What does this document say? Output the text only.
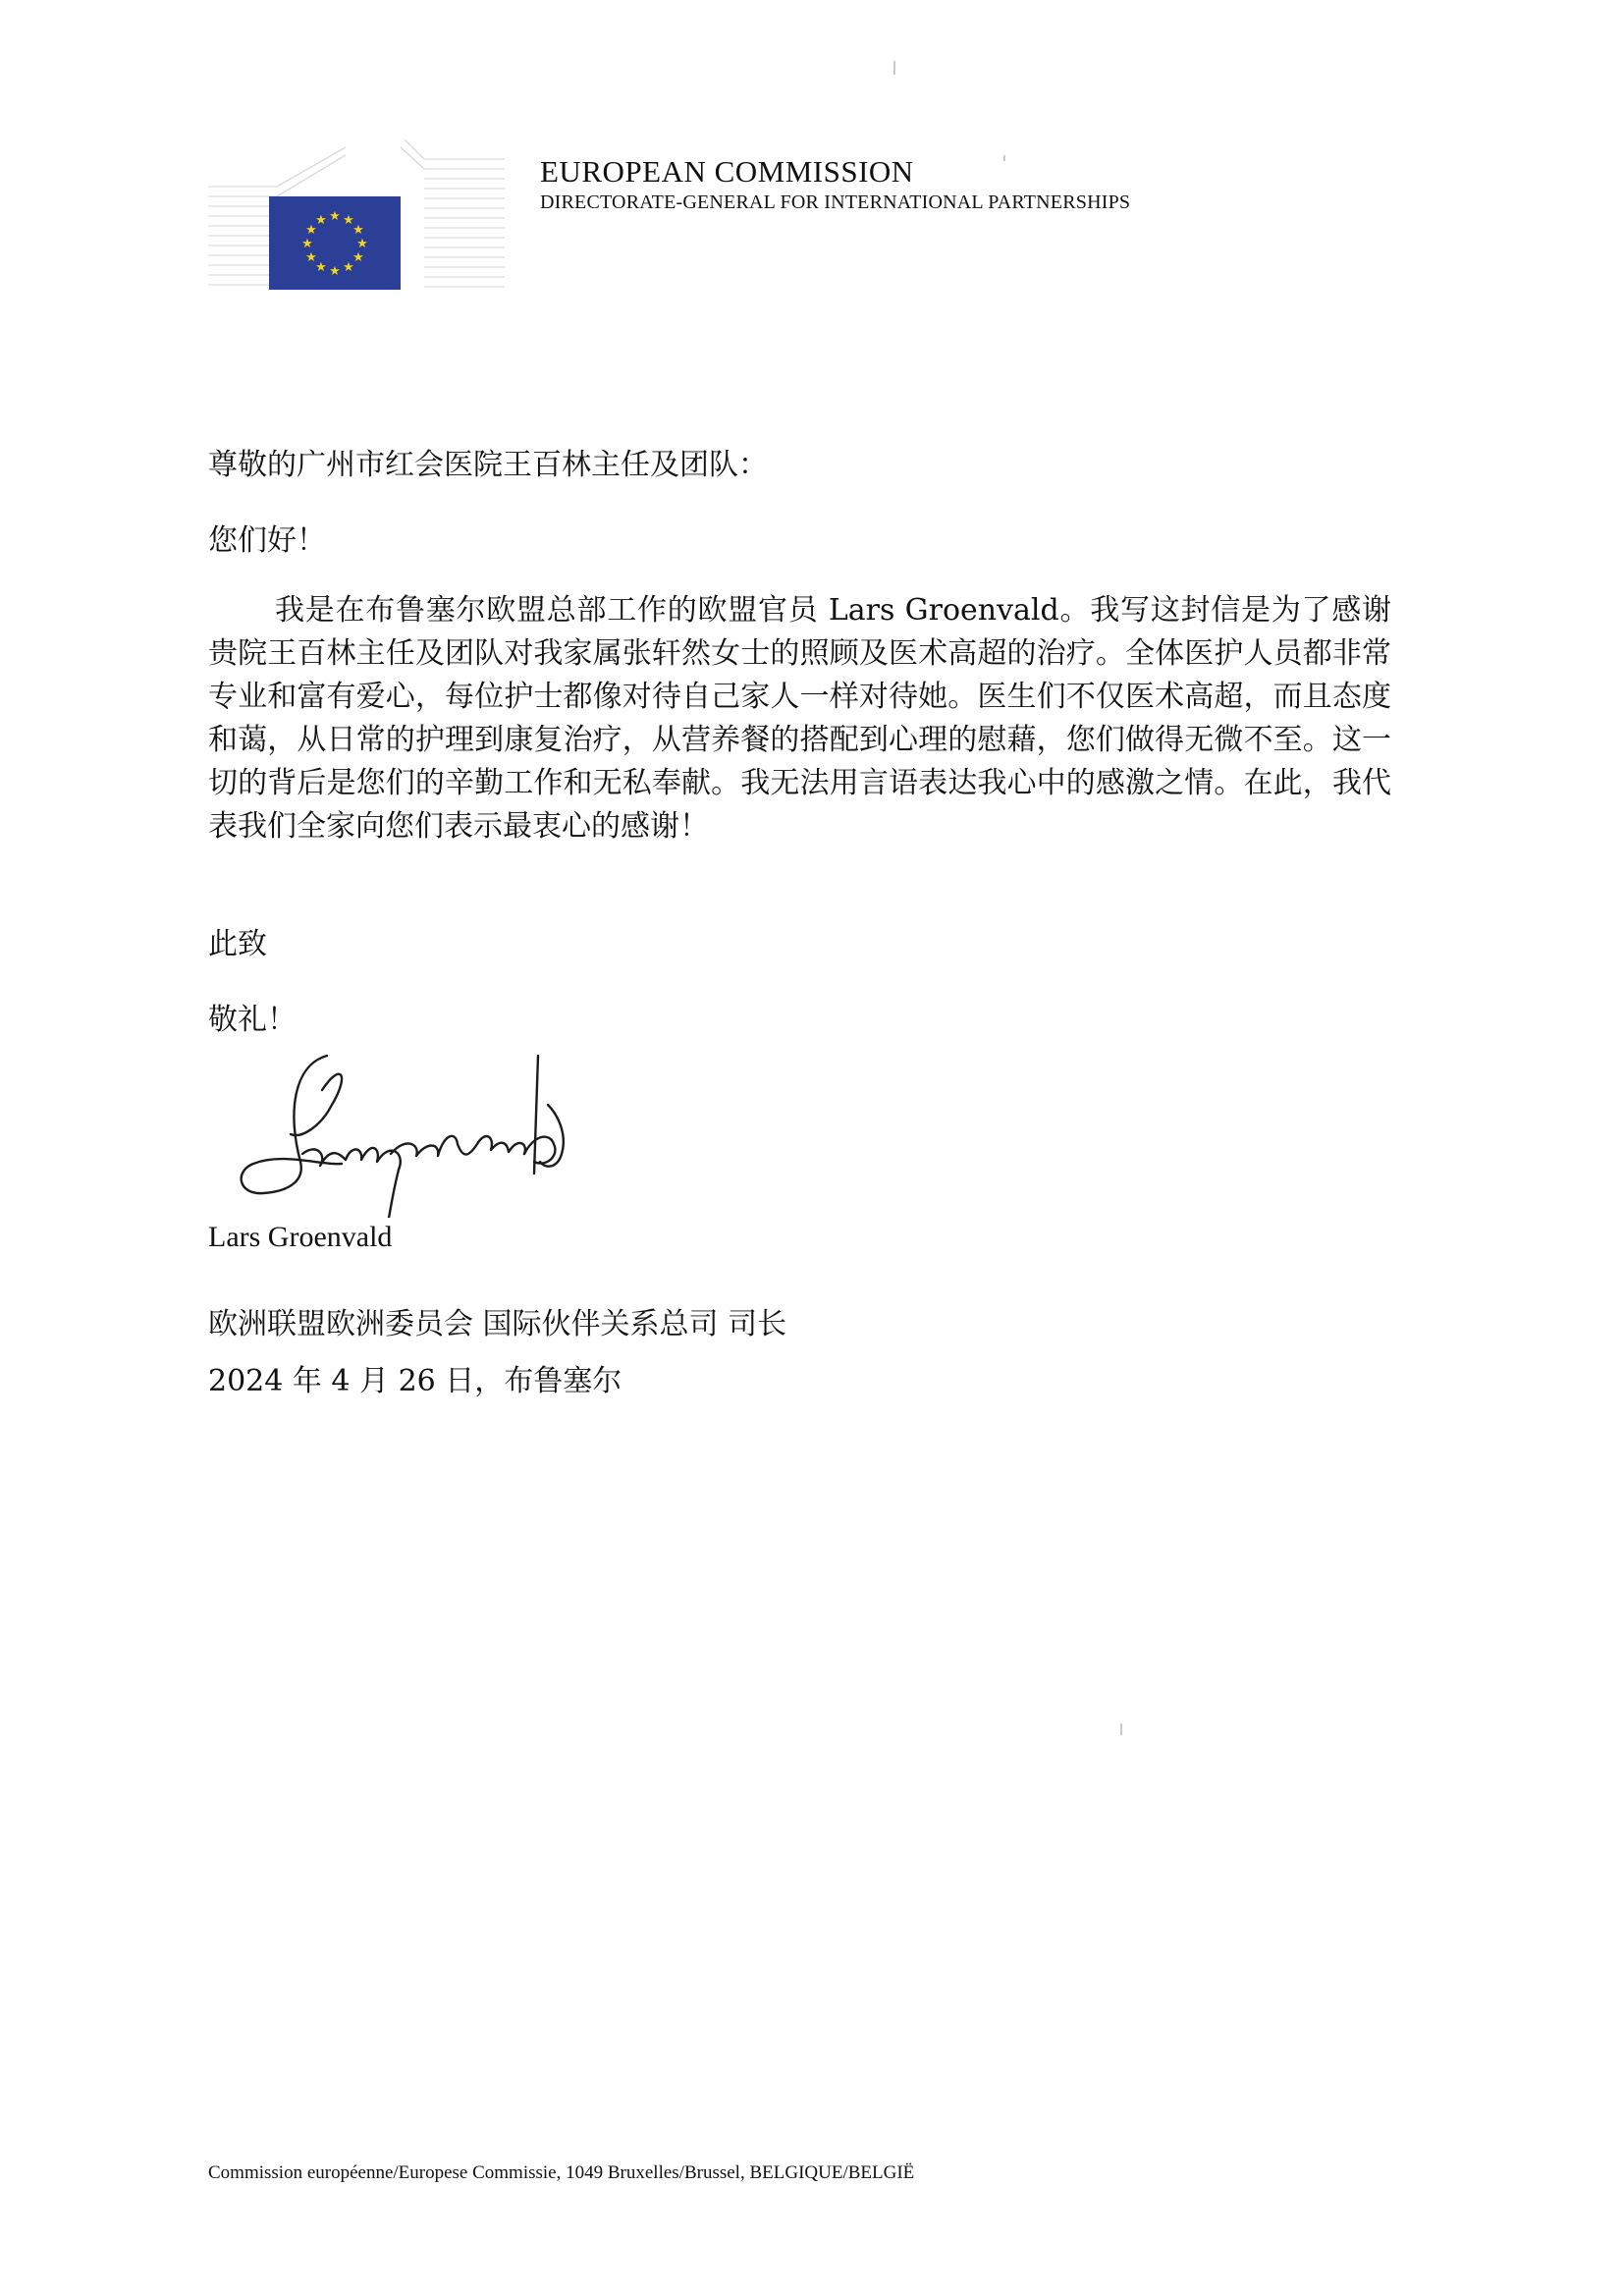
★ ★
★
★
★
★
★
★
★
★
★
★
EUROPEAN COMMISSION
DIRECTORATE-GENERAL FOR INTERNATIONAL PARTNERSHIPS
尊敬的广州市红会医院王百林主任及团队：
您们好！
我是在布鲁塞尔欧盟总部工作的欧盟官员 Lars Groenvald。我写这封信是为了感谢贵院王百林主任及团队对我家属张轩然女士的照顾及医术高超的治疗。全体医护人员都非常专业和富有爱心，每位护士都像对待自己家人一样对待她。医生们不仅医术高超，而且态度和蔼，从日常的护理到康复治疗，从营养餐的搭配到心理的慰藉，您们做得无微不至。这一切的背后是您们的辛勤工作和无私奉献。我无法用言语表达我心中的感激之情。在此，我代表我们全家向您们表示最衷心的感谢！
此致
敬礼！
Lars Groenvald
欧洲联盟欧洲委员会 国际伙伴关系总司 司长
2024 年 4 月 26 日，布鲁塞尔
Commission européenne/Europese Commissie, 1049 Bruxelles/Brussel, BELGIQUE/BELGIË
